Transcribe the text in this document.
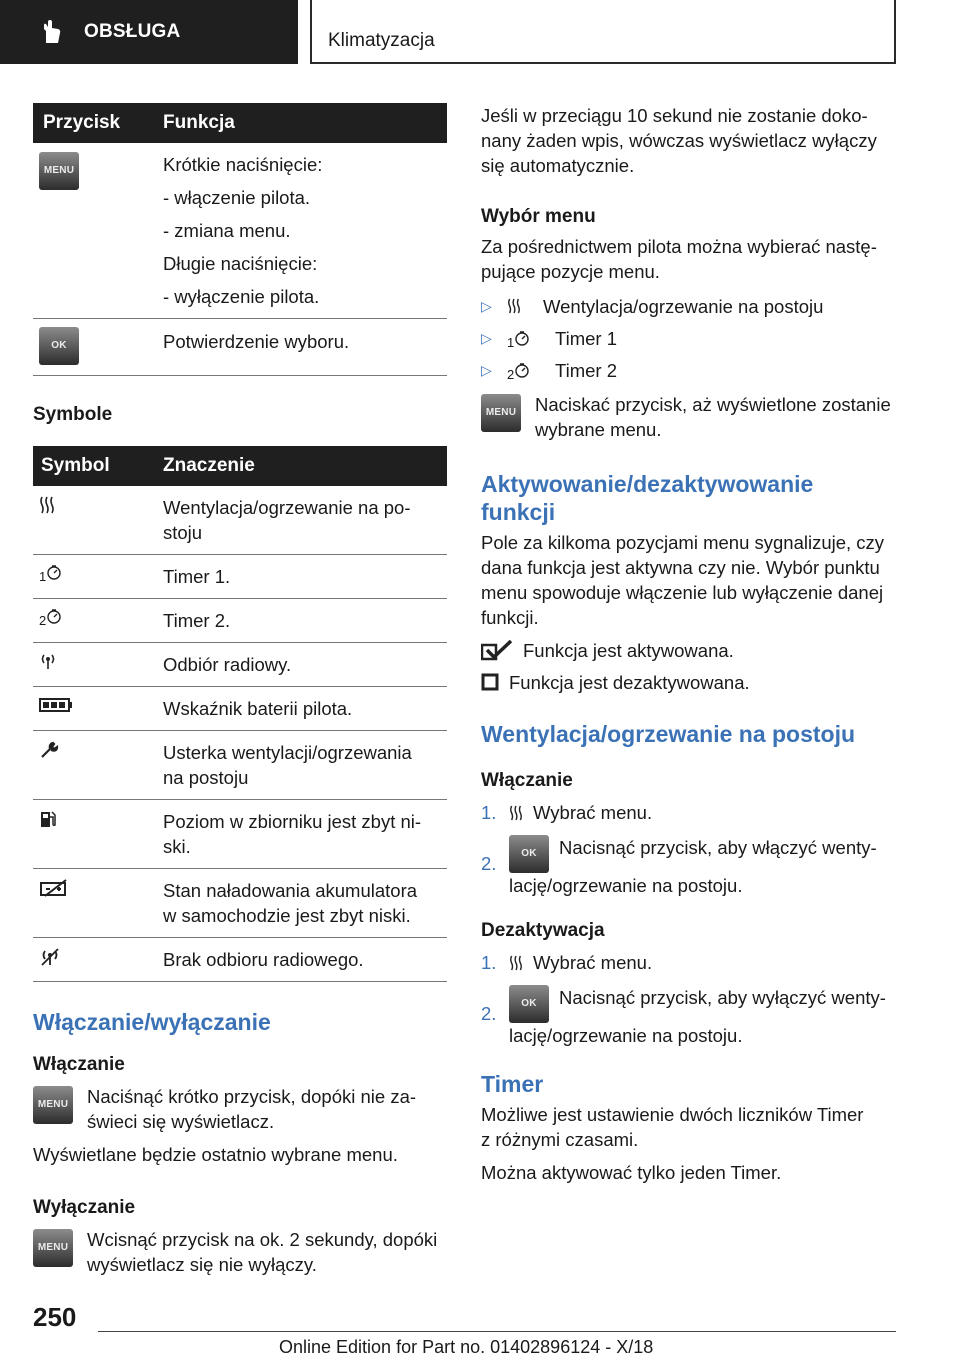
OBSŁUGA	Klimatyzacja
Przycisk	Funkcja
MENU	Krótkie naciśnięcie:

- włączenie pilota.

- zmiana menu.

Długie naciśnięcie:

- wyłączenie pilota.

OK	Potwierdzenie wyboru.

Symbole
Symbol	Znaczenie
	Wentylacja/ogrzewanie na po-
stoju
1	Timer 1.
2	Timer 2.
	Odbiór radiowy.
	Wskaźnik baterii pilota.
	Usterka wentylacji/ogrzewania
na postoju
	Poziom w zbiorniku jest zbyt ni-
ski.
	Stan naładowania akumulatora
w samochodzie jest zbyt niski.
	Brak odbioru radiowego.
Włączanie/wyłączanie
Włączanie
MENU Naciśnąć krótko przycisk, dopóki nie za-
świeci się wyświetlacz.

Wyświetlane będzie ostatnio wybrane menu.

Wyłączanie
MENU Wcisnąć przycisk na ok. 2 sekundy, dopóki
wyświetlacz się nie wyłączy.

Jeśli w przeciągu 10 sekund nie zostanie doko-
nany żaden wpis, wówczas wyświetlacz wyłączy
się automatycznie.

Wybór menu

Za pośrednictwem pilota można wybierać nastę-
pujące pozycje menu.

▷	Wentylacja/ogrzewanie na postoju
▷	1 Timer 1
▷	2 Timer 2
MENU Naciskać przycisk, aż wyświetlone zostanie
wybrane menu.
Aktywowanie/dezaktywowanie
funkcji

Pole za kilkoma pozycjami menu sygnalizuje, czy
dana funkcja jest aktywna czy nie. Wybór punktu
menu spowoduje włączenie lub wyłączenie danej
funkcji.

Funkcja jest aktywowana.
Funkcja jest dezaktywowana.
Wentylacja/ogrzewanie na postoju
Włączanie
1.	Wybrać menu.
2.	OK Nacisnąć przycisk, aby włączyć wenty-
lację/ogrzewanie na postoju.
Dezaktywacja
1.	Wybrać menu.
2.	OK Nacisnąć przycisk, aby wyłączyć wenty-
lację/ogrzewanie na postoju.
Timer

Możliwe jest ustawienie dwóch liczników Timer
z różnymi czasami.

Można aktywować tylko jeden Timer.

250
Online Edition for Part no. 01402896124 - X/18
